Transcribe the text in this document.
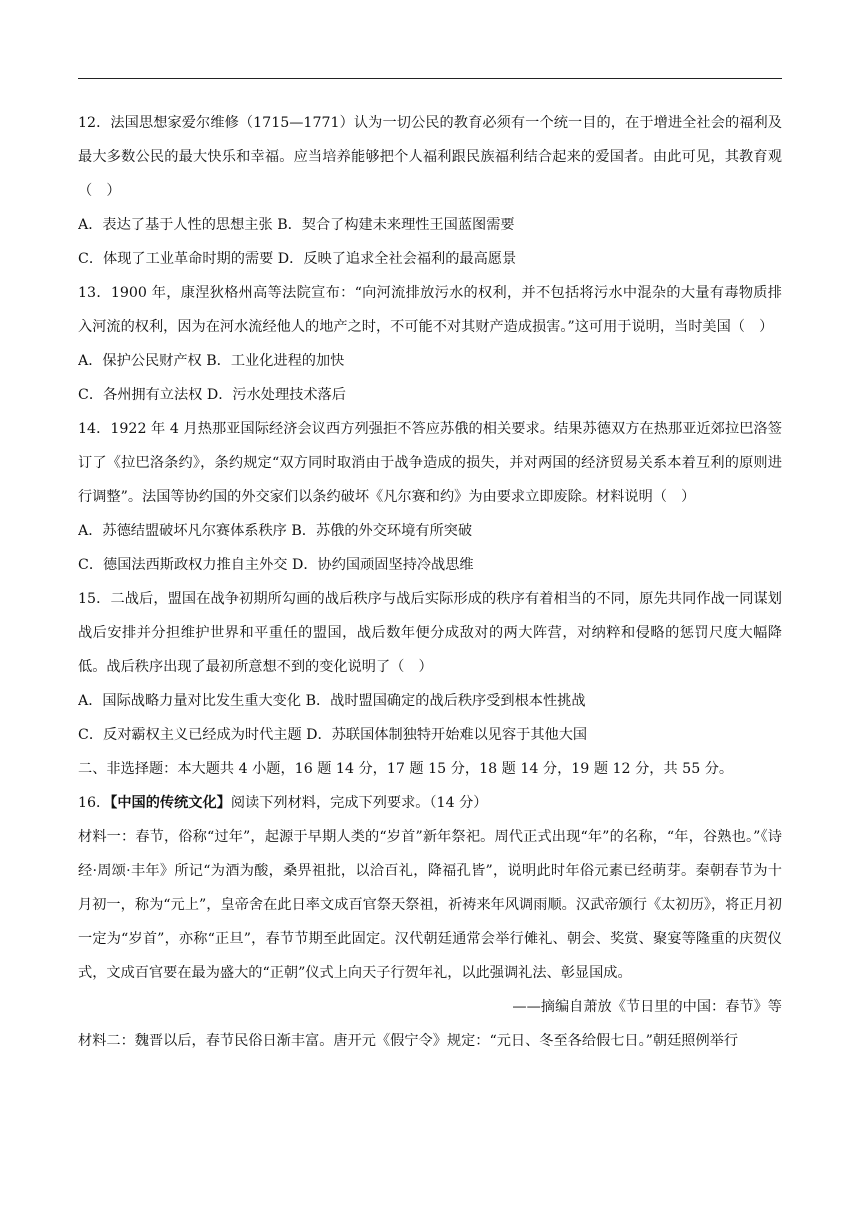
12．法国思想家爱尔维修（1715—1771）认为一切公民的教育必须有一个统一目的，在于增进全社会的福利及最大多数公民的最大快乐和幸福。应当培养能够把个人福利跟民族福利结合起来的爱国者。由此可见，其教育观（　）

A．表达了基于人性的思想主张 B．契合了构建未来理性王国蓝图需要

C．体现了工业革命时期的需要 D．反映了追求全社会福利的最高愿景

13．1900 年，康涅狄格州高等法院宣布：“向河流排放污水的权利，并不包括将污水中混杂的大量有毒物质排入河流的权利，因为在河水流经他人的地产之时，不可能不对其财产造成损害。”这可用于说明，当时美国（　）

A．保护公民财产权 B．工业化进程的加快

C．各州拥有立法权 D．污水处理技术落后

14．1922 年 4 月热那亚国际经济会议西方列强拒不答应苏俄的相关要求。结果苏德双方在热那亚近郊拉巴洛签订了《拉巴洛条约》，条约规定“双方同时取消由于战争造成的损失，并对两国的经济贸易关系本着互利的原则进行调整”。法国等协约国的外交家们以条约破坏《凡尔赛和约》为由要求立即废除。材料说明（　）

A．苏德结盟破坏凡尔赛体系秩序 B．苏俄的外交环境有所突破

C．德国法西斯政权力推自主外交 D．协约国顽固坚持冷战思维

15．二战后，盟国在战争初期所勾画的战后秩序与战后实际形成的秩序有着相当的不同，原先共同作战一同谋划战后安排并分担维护世界和平重任的盟国，战后数年便分成敌对的两大阵营，对纳粹和侵略的惩罚尺度大幅降低。战后秩序出现了最初所意想不到的变化说明了（　）

A．国际战略力量对比发生重大变化 B．战时盟国确定的战后秩序受到根本性挑战

C．反对霸权主义已经成为时代主题 D．苏联国体制独特开始难以见容于其他大国

二、非选择题：本大题共 4 小题，16 题 14 分，17 题 15 分，18 题 14 分，19 题 12 分，共 55 分。

16．【中国的传统文化】阅读下列材料，完成下列要求。（14 分）

材料一：春节，俗称“过年”，起源于早期人类的“岁首”新年祭祀。周代正式出现“年”的名称，“年，谷熟也。”《诗经·周颂·丰年》所记“为酒为酸，桑畀祖批，以洽百礼，降福孔皆”，说明此时年俗元素已经萌芽。秦朝春节为十月初一，称为“元上”，皇帝舍在此日率文成百官祭天祭祖，祈祷来年风调雨顺。汉武帝颁行《太初历》，将正月初一定为“岁首”，亦称“正旦”，春节节期至此固定。汉代朝廷通常会举行傩礼、朝会、奖赏、聚宴等隆重的庆贺仪式，文成百官要在最为盛大的“正朝”仪式上向天子行贺年礼，以此强调礼法、彰显国成。

——摘编自萧放《节日里的中国：春节》等

材料二：魏晋以后，春节民俗日渐丰富。唐开元《假宁令》规定：“元日、冬至各给假七日。”朝廷照例举行
